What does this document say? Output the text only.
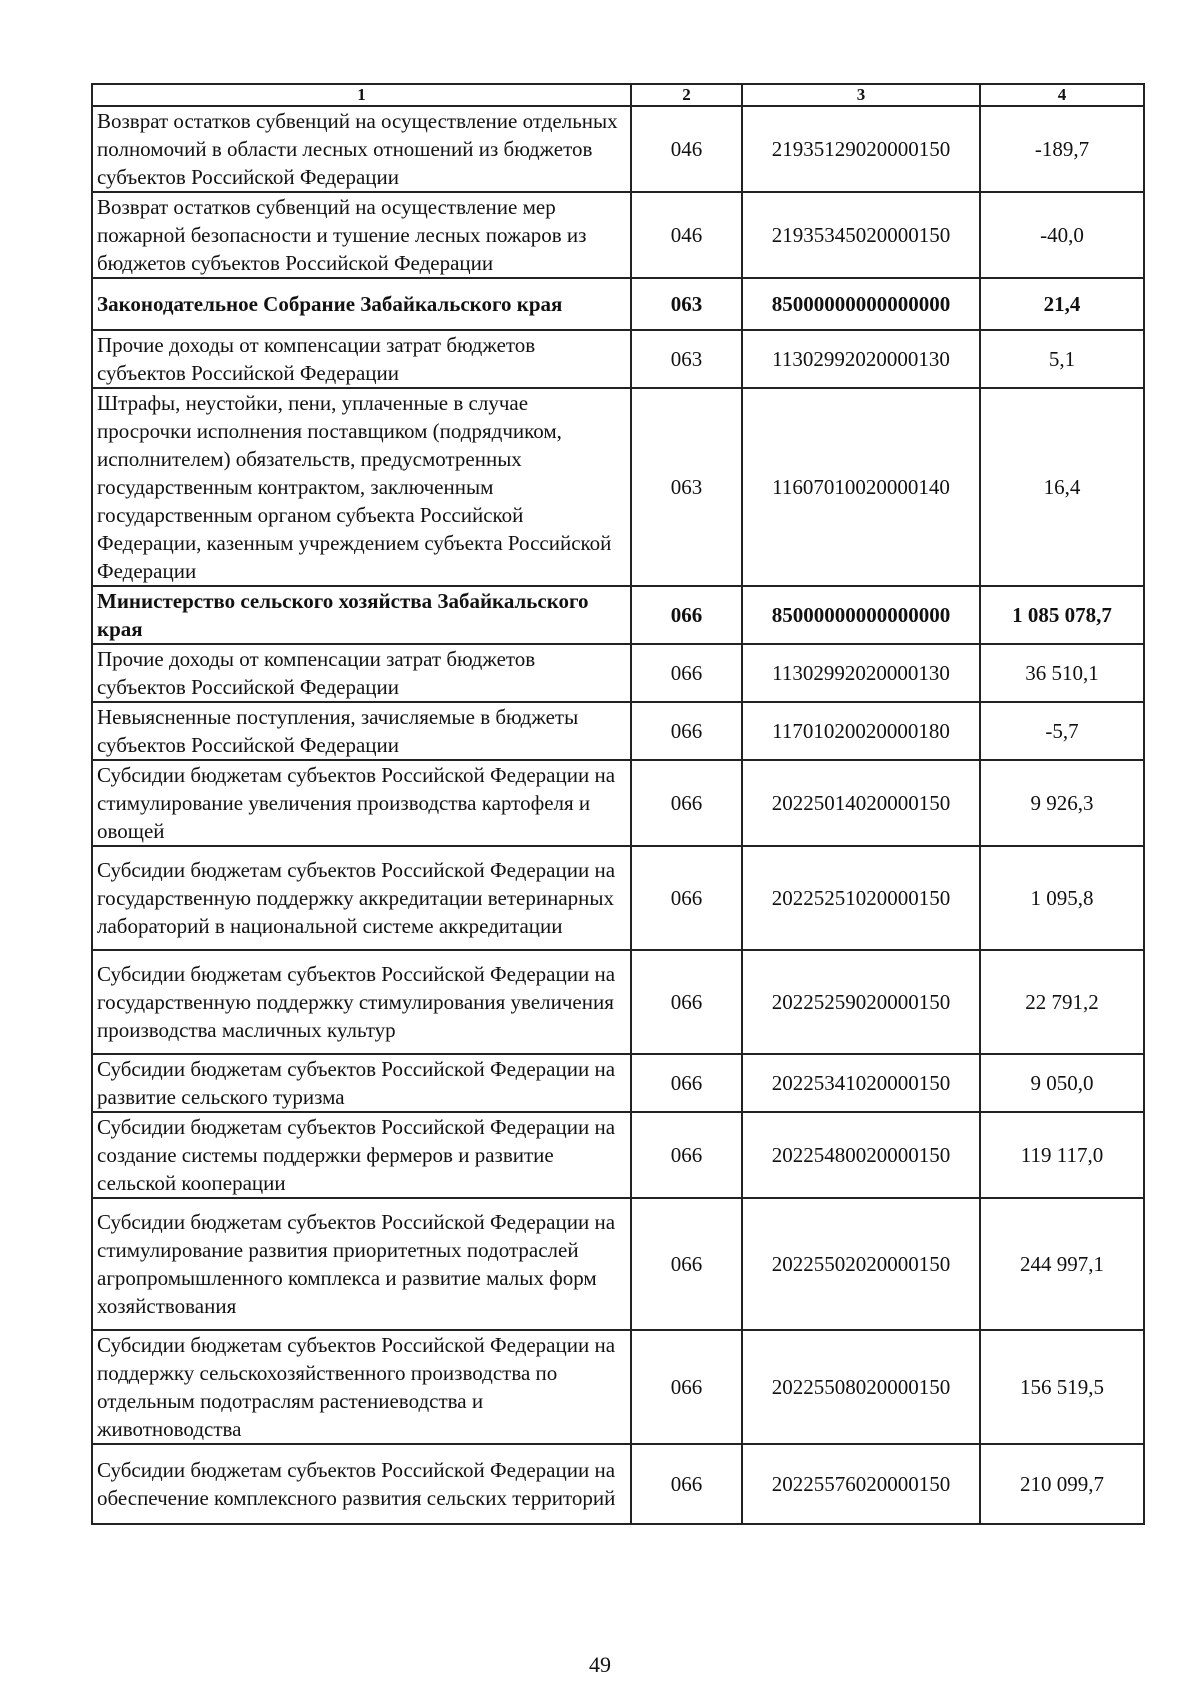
1	2	3	4
Возврат остатков субвенций на осуществление отдельных полномочий в области лесных отношений из бюджетов субъектов Российской Федерации	046	21935129020000150	-189,7
Возврат остатков субвенций на осуществление мер пожарной безопасности и тушение лесных пожаров из бюджетов субъектов Российской Федерации	046	21935345020000150	-40,0
Законодательное Собрание Забайкальского края	063	85000000000000000	21,4
Прочие доходы от компенсации затрат бюджетов субъектов Российской Федерации	063	11302992020000130	5,1
Штрафы, неустойки, пени, уплаченные в случае просрочки исполнения поставщиком (подрядчиком, исполнителем) обязательств, предусмотренных государственным контрактом, заключенным государственным органом субъекта Российской Федерации, казенным учреждением субъекта Российской Федерации	063	11607010020000140	16,4
Министерство сельского хозяйства Забайкальского края	066	85000000000000000	1 085 078,7
Прочие доходы от компенсации затрат бюджетов субъектов Российской Федерации	066	11302992020000130	36 510,1
Невыясненные поступления, зачисляемые в бюджеты субъектов Российской Федерации	066	11701020020000180	-5,7
Субсидии бюджетам субъектов Российской Федерации на стимулирование увеличения производства картофеля и овощей	066	20225014020000150	9 926,3
Субсидии бюджетам субъектов Российской Федерации на государственную поддержку аккредитации ветеринарных лабораторий в национальной системе аккредитации	066	20225251020000150	1 095,8
Субсидии бюджетам субъектов Российской Федерации на государственную поддержку стимулирования увеличения производства масличных культур	066	20225259020000150	22 791,2
Субсидии бюджетам субъектов Российской Федерации на развитие сельского туризма	066	20225341020000150	9 050,0
Субсидии бюджетам субъектов Российской Федерации на создание системы поддержки фермеров и развитие сельской кооперации	066	20225480020000150	119 117,0
Субсидии бюджетам субъектов Российской Федерации на стимулирование развития приоритетных подотраслей агропромышленного комплекса и развитие малых форм хозяйствования	066	20225502020000150	244 997,1
Субсидии бюджетам субъектов Российской Федерации на поддержку сельскохозяйственного производства по отдельным подотраслям растениеводства и животноводства	066	20225508020000150	156 519,5
Субсидии бюджетам субъектов Российской Федерации на обеспечение комплексного развития сельских территорий	066	20225576020000150	210 099,7
49
